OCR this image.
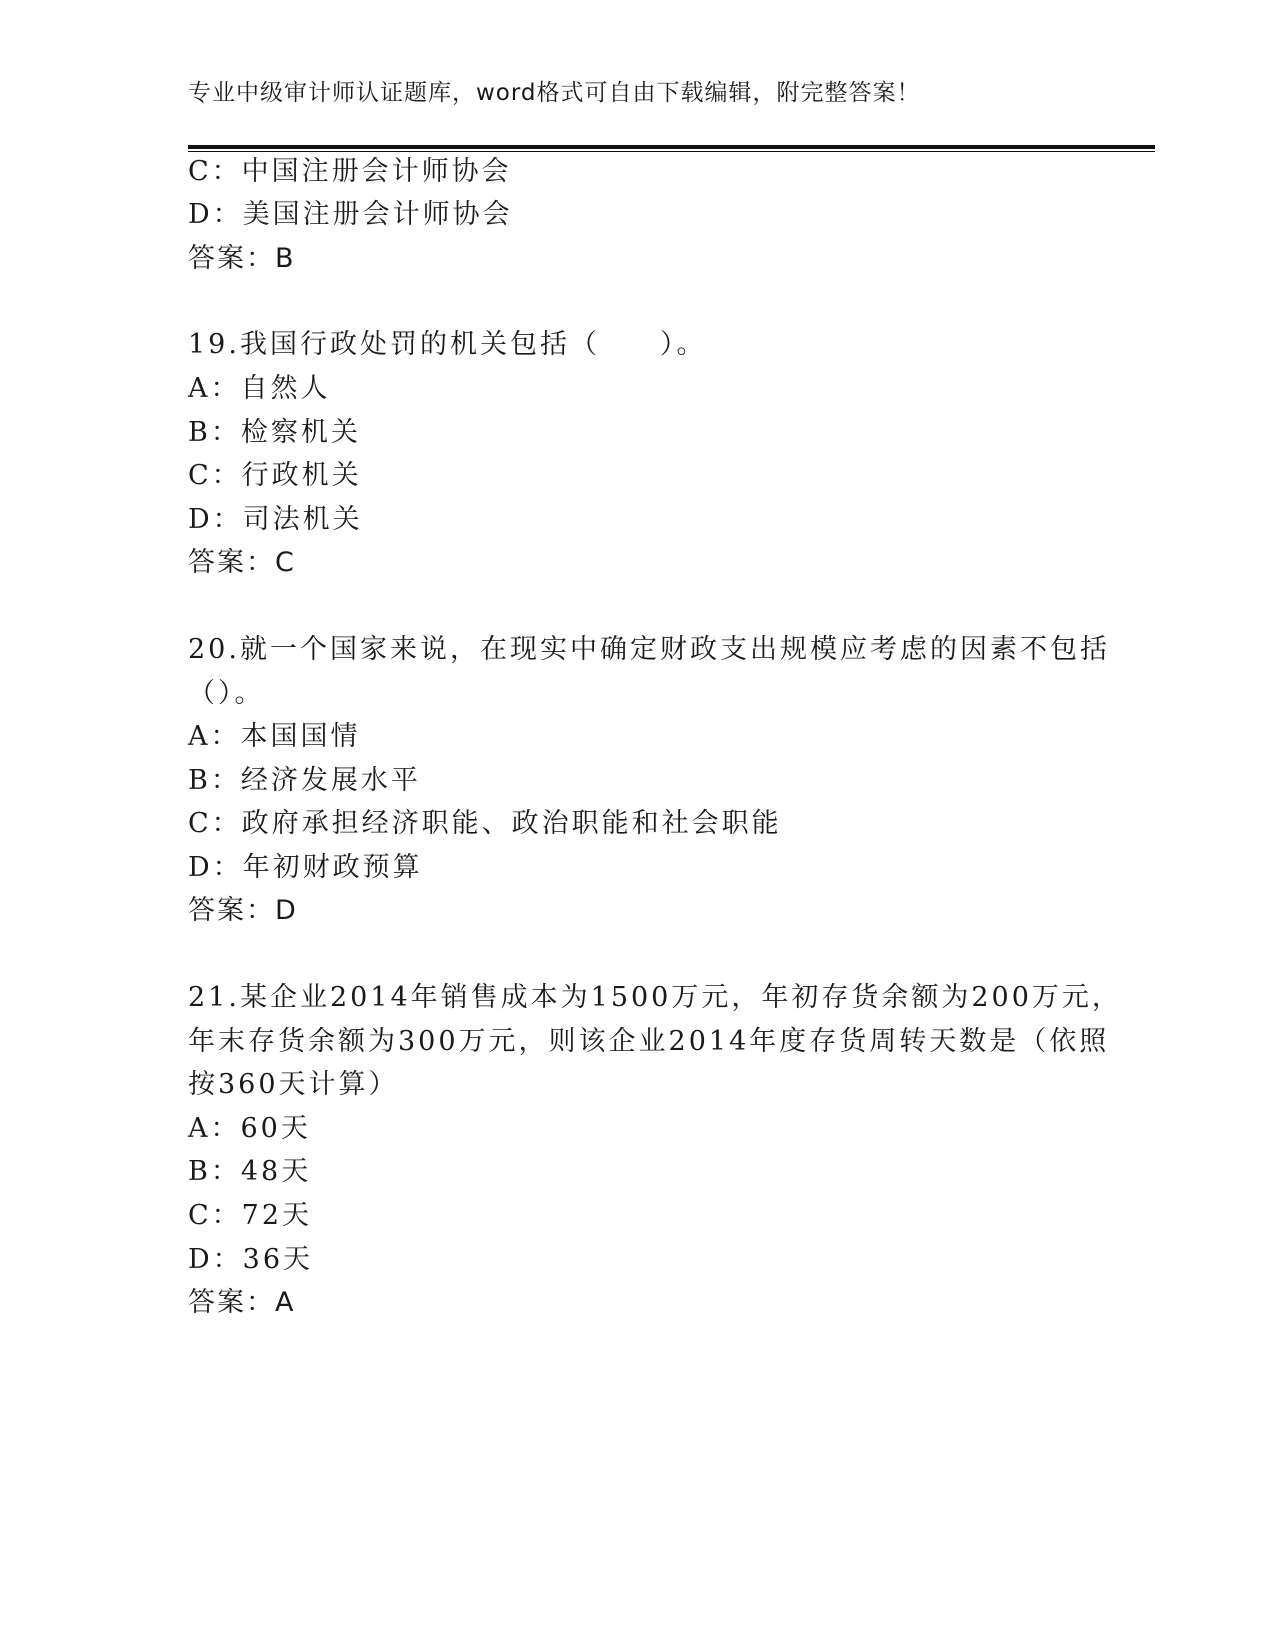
专业中级审计师认证题库，word格式可自由下载编辑，附完整答案！
C：中国注册会计师协会
D：美国注册会计师协会
答案：B
19.我国行政处罚的机关包括（　　）。
A：自然人
B：检察机关
C：行政机关
D：司法机关
答案：C
20.就一个国家来说，在现实中确定财政支出规模应考虑的因素不包括
（）。
A：本国国情
B：经济发展水平
C：政府承担经济职能、政治职能和社会职能
D：年初财政预算
答案：D
21.某企业2014年销售成本为1500万元，年初存货余额为200万元，
年末存货余额为300万元，则该企业2014年度存货周转天数是（依照
按360天计算）
A：60天
B：48天
C：72天
D：36天
答案：A
